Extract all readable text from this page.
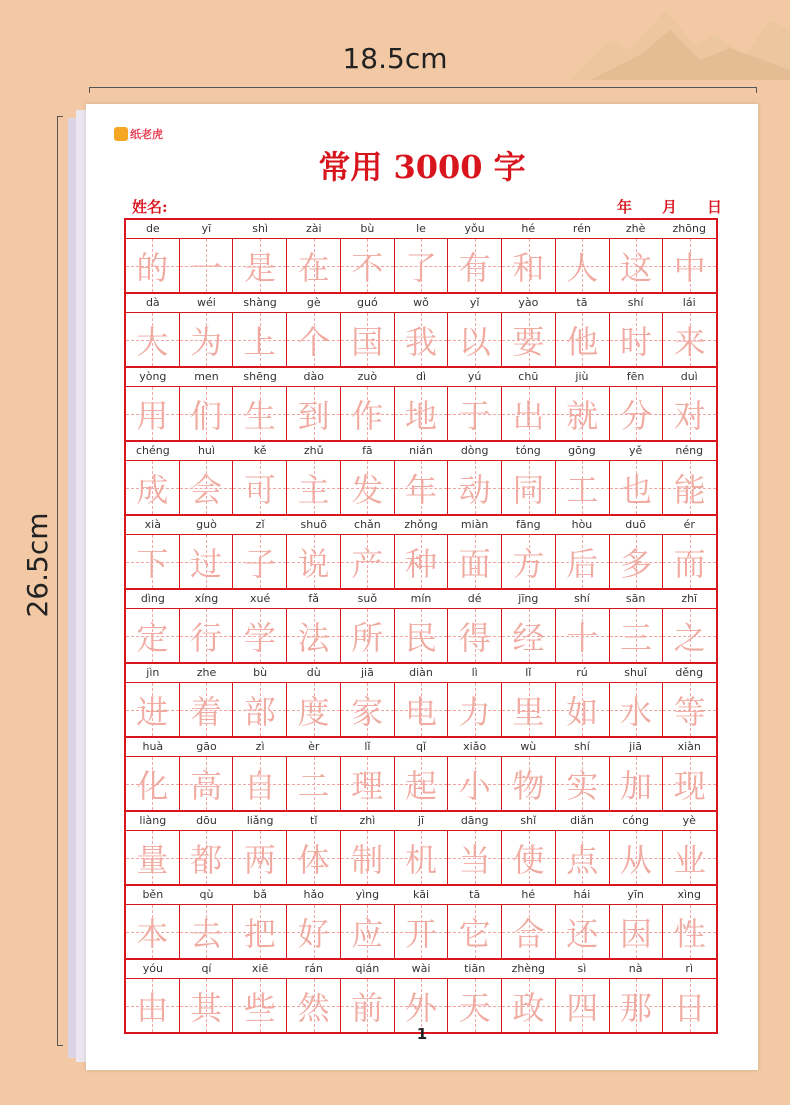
18.5cm
26.5cm
纸老虎
常用 3000 字
姓名:	年 月 日
de	yī	shì	zài	bù	le	yǒu	hé	rén	zhè	zhōng
的 一 是 在 不 了 有 和 人 这 中
dà	wéi	shàng	gè	guó	wǒ	yǐ	yào	tā	shí	lái
大 为 上 个 国 我 以 要 他 时 来
yòng	men	shēng	dào	zuò	dì	yú	chū	jiù	fēn	duì
用 们 生 到 作 地 于 出 就 分 对
chéng	huì	kě	zhǔ	fā	nián	dòng	tóng	gōng	yě	néng
成 会 可 主 发 年 动 同 工 也 能
xià	guò	zǐ	shuō	chǎn	zhǒng	miàn	fāng	hòu	duō	ér
下 过 子 说 产 种 面 方 后 多 而
dìng	xíng	xué	fǎ	suǒ	mín	dé	jīng	shí	sān	zhī
定 行 学 法 所 民 得 经 十 三 之
jìn	zhe	bù	dù	jiā	diàn	lì	lǐ	rú	shuǐ	děng
进 着 部 度 家 电 力 里 如 水 等
huà	gāo	zì	èr	lǐ	qǐ	xiǎo	wù	shí	jiā	xiàn
化 高 自 二 理 起 小 物 实 加 现
liàng	dōu	liǎng	tǐ	zhì	jī	dāng	shǐ	diǎn	cóng	yè
量 都 两 体 制 机 当 使 点 从 业
běn	qù	bǎ	hǎo	yìng	kāi	tā	hé	hái	yīn	xìng
本 去 把 好 应 开 它 合 还 因 性
yóu	qí	xiē	rán	qián	wài	tiān	zhèng	sì	nà	rì
由 其 些 然 前 外 天 政 四 那 日
1
